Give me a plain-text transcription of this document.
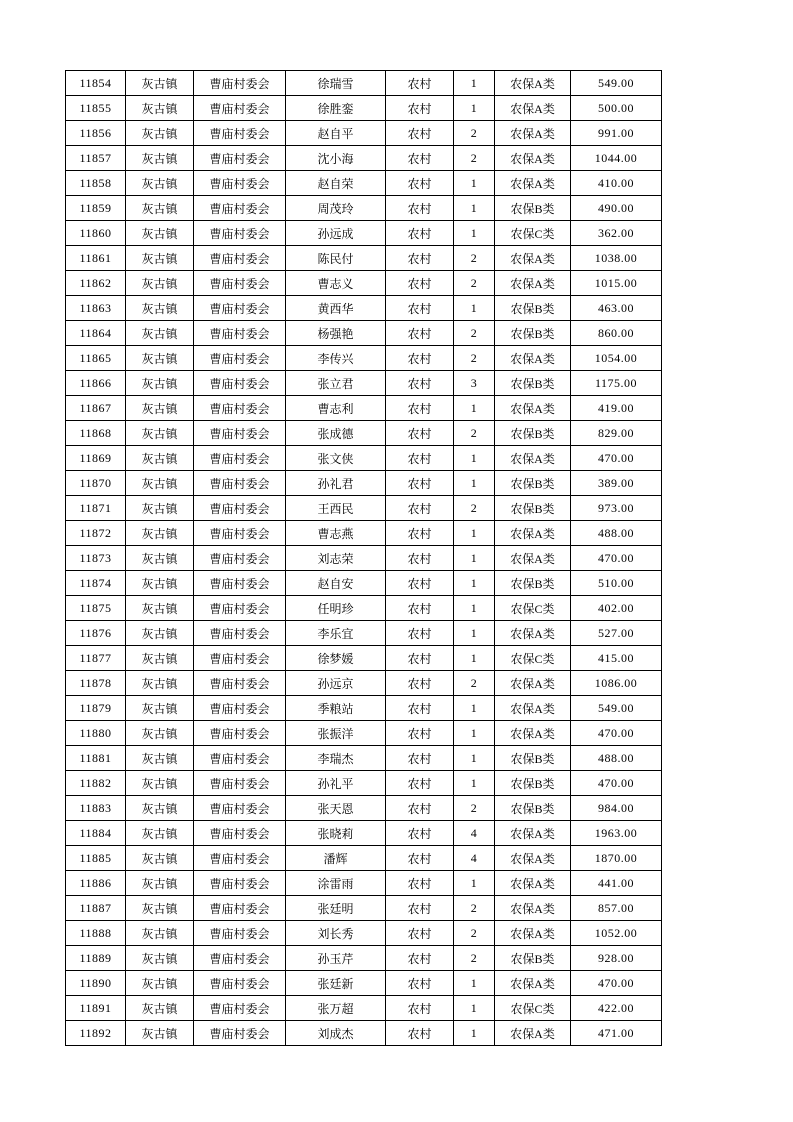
11854	灰古镇	曹庙村委会	徐瑞雪	农村	1	农保A类	549.00
11855	灰古镇	曹庙村委会	徐胜銮	农村	1	农保A类	500.00
11856	灰古镇	曹庙村委会	赵自平	农村	2	农保A类	991.00
11857	灰古镇	曹庙村委会	沈小海	农村	2	农保A类	1044.00
11858	灰古镇	曹庙村委会	赵自荣	农村	1	农保A类	410.00
11859	灰古镇	曹庙村委会	周茂玲	农村	1	农保B类	490.00
11860	灰古镇	曹庙村委会	孙远成	农村	1	农保C类	362.00
11861	灰古镇	曹庙村委会	陈民付	农村	2	农保A类	1038.00
11862	灰古镇	曹庙村委会	曹志义	农村	2	农保A类	1015.00
11863	灰古镇	曹庙村委会	黄西华	农村	1	农保B类	463.00
11864	灰古镇	曹庙村委会	杨强艳	农村	2	农保B类	860.00
11865	灰古镇	曹庙村委会	李传兴	农村	2	农保A类	1054.00
11866	灰古镇	曹庙村委会	张立君	农村	3	农保B类	1175.00
11867	灰古镇	曹庙村委会	曹志利	农村	1	农保A类	419.00
11868	灰古镇	曹庙村委会	张成德	农村	2	农保B类	829.00
11869	灰古镇	曹庙村委会	张文侠	农村	1	农保A类	470.00
11870	灰古镇	曹庙村委会	孙礼君	农村	1	农保B类	389.00
11871	灰古镇	曹庙村委会	王西民	农村	2	农保B类	973.00
11872	灰古镇	曹庙村委会	曹志燕	农村	1	农保A类	488.00
11873	灰古镇	曹庙村委会	刘志荣	农村	1	农保A类	470.00
11874	灰古镇	曹庙村委会	赵自安	农村	1	农保B类	510.00
11875	灰古镇	曹庙村委会	任明珍	农村	1	农保C类	402.00
11876	灰古镇	曹庙村委会	李乐宜	农村	1	农保A类	527.00
11877	灰古镇	曹庙村委会	徐梦媛	农村	1	农保C类	415.00
11878	灰古镇	曹庙村委会	孙远京	农村	2	农保A类	1086.00
11879	灰古镇	曹庙村委会	季粮站	农村	1	农保A类	549.00
11880	灰古镇	曹庙村委会	张振洋	农村	1	农保A类	470.00
11881	灰古镇	曹庙村委会	李瑞杰	农村	1	农保B类	488.00
11882	灰古镇	曹庙村委会	孙礼平	农村	1	农保B类	470.00
11883	灰古镇	曹庙村委会	张天恩	农村	2	农保B类	984.00
11884	灰古镇	曹庙村委会	张晓莉	农村	4	农保A类	1963.00
11885	灰古镇	曹庙村委会	潘辉	农村	4	农保A类	1870.00
11886	灰古镇	曹庙村委会	涂雷雨	农村	1	农保A类	441.00
11887	灰古镇	曹庙村委会	张廷明	农村	2	农保A类	857.00
11888	灰古镇	曹庙村委会	刘长秀	农村	2	农保A类	1052.00
11889	灰古镇	曹庙村委会	孙玉芹	农村	2	农保B类	928.00
11890	灰古镇	曹庙村委会	张廷新	农村	1	农保A类	470.00
11891	灰古镇	曹庙村委会	张万超	农村	1	农保C类	422.00
11892	灰古镇	曹庙村委会	刘成杰	农村	1	农保A类	471.00
